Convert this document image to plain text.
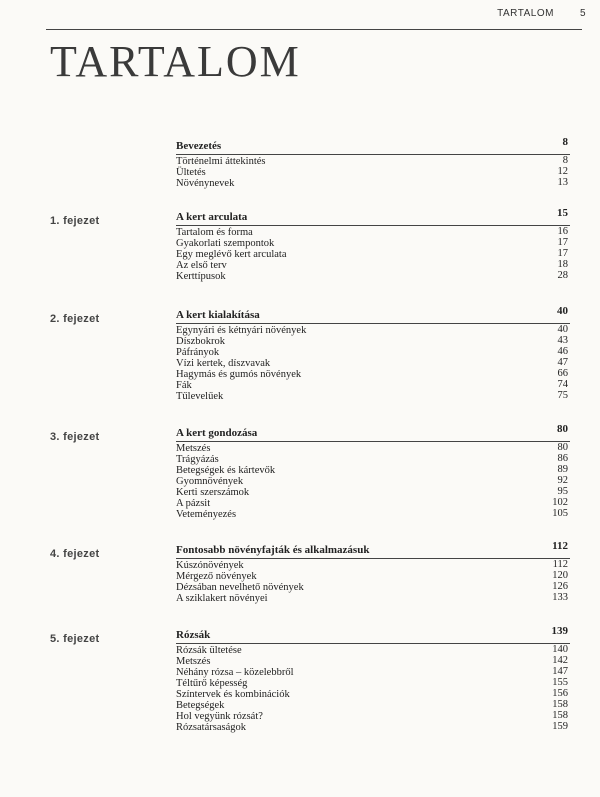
TARTALOM	5
TARTALOM
Bevezetés	8
Történelmi áttekintés	8
Ültetés	12
Növénynevek	13
1. fejezet	A kert arculata	15
Tartalom és forma	16
Gyakorlati szempontok	17
Egy meglévő kert arculata	17
Az első terv	18
Kerttípusok	28
2. fejezet	A kert kialakítása	40
Egynyári és kétnyári növények	40
Díszbokrok	43
Páfrányok	46
Vízi kertek, díszvavak	47
Hagymás és gumós növények	66
Fák	74
Tűlevelűek	75
3. fejezet	A kert gondozása	80
Metszés	80
Trágyázás	86
Betegségek és kártevők	89
Gyomnövények	92
Kerti szerszámok	95
A pázsit	102
Veteményezés	105
4. fejezet	Fontosabb növényfajták és alkalmazásuk	112
Kúszónövények	112
Mérgező növények	120
Dézsában nevelhető növények	126
A sziklakert növényei	133
5. fejezet	Rózsák	139
Rózsák ültetése	140
Metszés	142
Néhány rózsa – közelebbről	147
Téltűrő képesség	155
Színtervek és kombinációk	156
Betegségek	158
Hol vegyünk rózsát?	158
Rózsatársaságok	159
